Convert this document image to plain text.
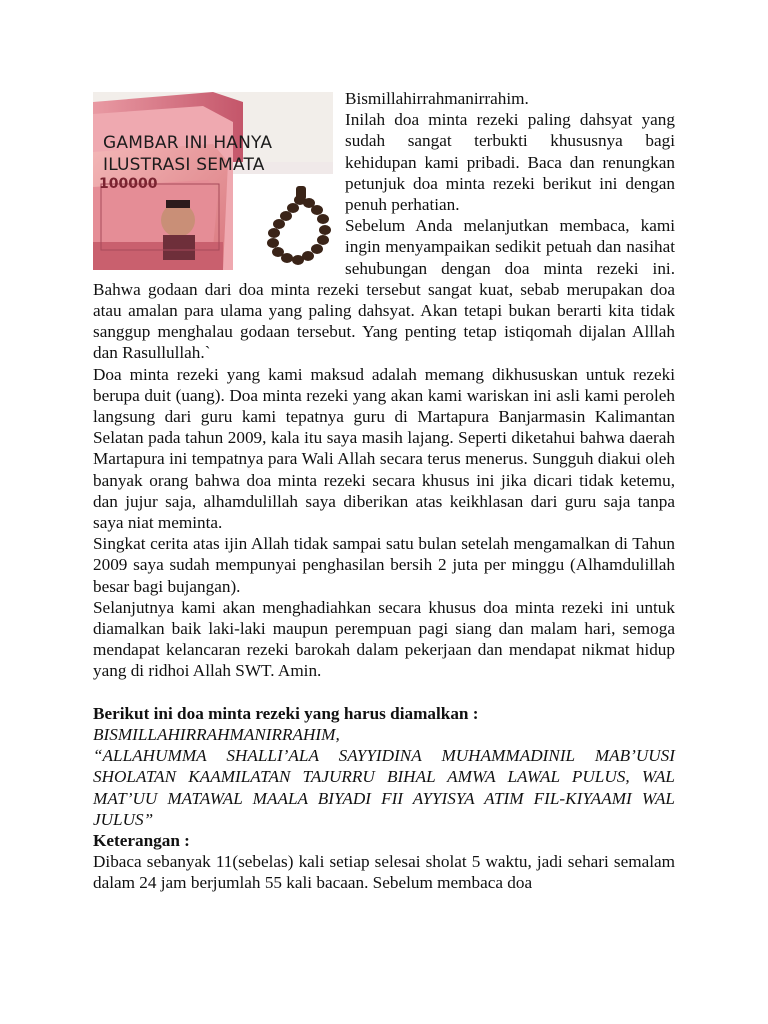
GAMBAR INI HANYA
ILUSTRASI SEMATA
100000

Bismillahirrahmanirrahim.

Inilah doa minta rezeki paling dahsyat yang sudah sangat terbukti khususnya bagi kehidupan kami pribadi. Baca dan renungkan petunjuk doa minta rezeki berikut ini dengan penuh perhatian.

Sebelum Anda melanjutkan membaca, kami ingin menyampaikan sedikit petuah dan nasihat sehubungan dengan doa minta rezeki ini. Bahwa godaan dari doa minta rezeki tersebut sangat kuat, sebab merupakan doa atau amalan para ulama yang paling dahsyat. Akan tetapi bukan berarti kita tidak sanggup menghalau godaan tersebut. Yang penting tetap istiqomah dijalan Alllah dan Rasullullah.`

Doa minta rezeki yang kami maksud adalah memang dikhususkan untuk rezeki berupa duit (uang). Doa minta rezeki yang akan kami wariskan ini asli kami peroleh langsung dari guru kami tepatnya guru di Martapura Banjarmasin Kalimantan Selatan pada tahun 2009, kala itu saya masih lajang. Seperti diketahui bahwa daerah Martapura ini tempatnya para Wali Allah secara terus menerus. Sungguh diakui oleh banyak orang bahwa doa minta rezeki secara khusus ini jika dicari tidak ketemu, dan jujur saja, alhamdulillah saya diberikan atas keikhlasan dari guru saja tanpa saya niat meminta.

Singkat cerita atas ijin Allah tidak sampai satu bulan setelah mengamalkan di Tahun 2009 saya sudah mempunyai penghasilan bersih 2 juta per minggu (Alhamdulillah besar bagi bujangan).

Selanjutnya kami akan menghadiahkan secara khusus doa minta rezeki ini untuk diamalkan baik laki-laki maupun perempuan pagi siang dan malam hari, semoga mendapat kelancaran rezeki barokah dalam pekerjaan dan mendapat nikmat hidup yang di ridhoi Allah SWT. Amin.

Berikut ini doa minta rezeki yang harus diamalkan :

BISMILLAHIRRAHMANIRRAHIM,

“ALLAHUMMA SHALLI’ALA SAYYIDINA MUHAMMADINIL MAB’UUSI SHOLATAN KAAMILATAN TAJURRU BIHAL AMWA LAWAL PULUS, WAL MAT’UU MATAWAL MAALA BIYADI FII AYYISYA ATIM FIL-KIYAAMI WAL JULUS”

Keterangan :

Dibaca sebanyak 11(sebelas) kali setiap selesai sholat 5 waktu, jadi sehari semalam dalam 24 jam berjumlah 55 kali bacaan. Sebelum membaca doa
